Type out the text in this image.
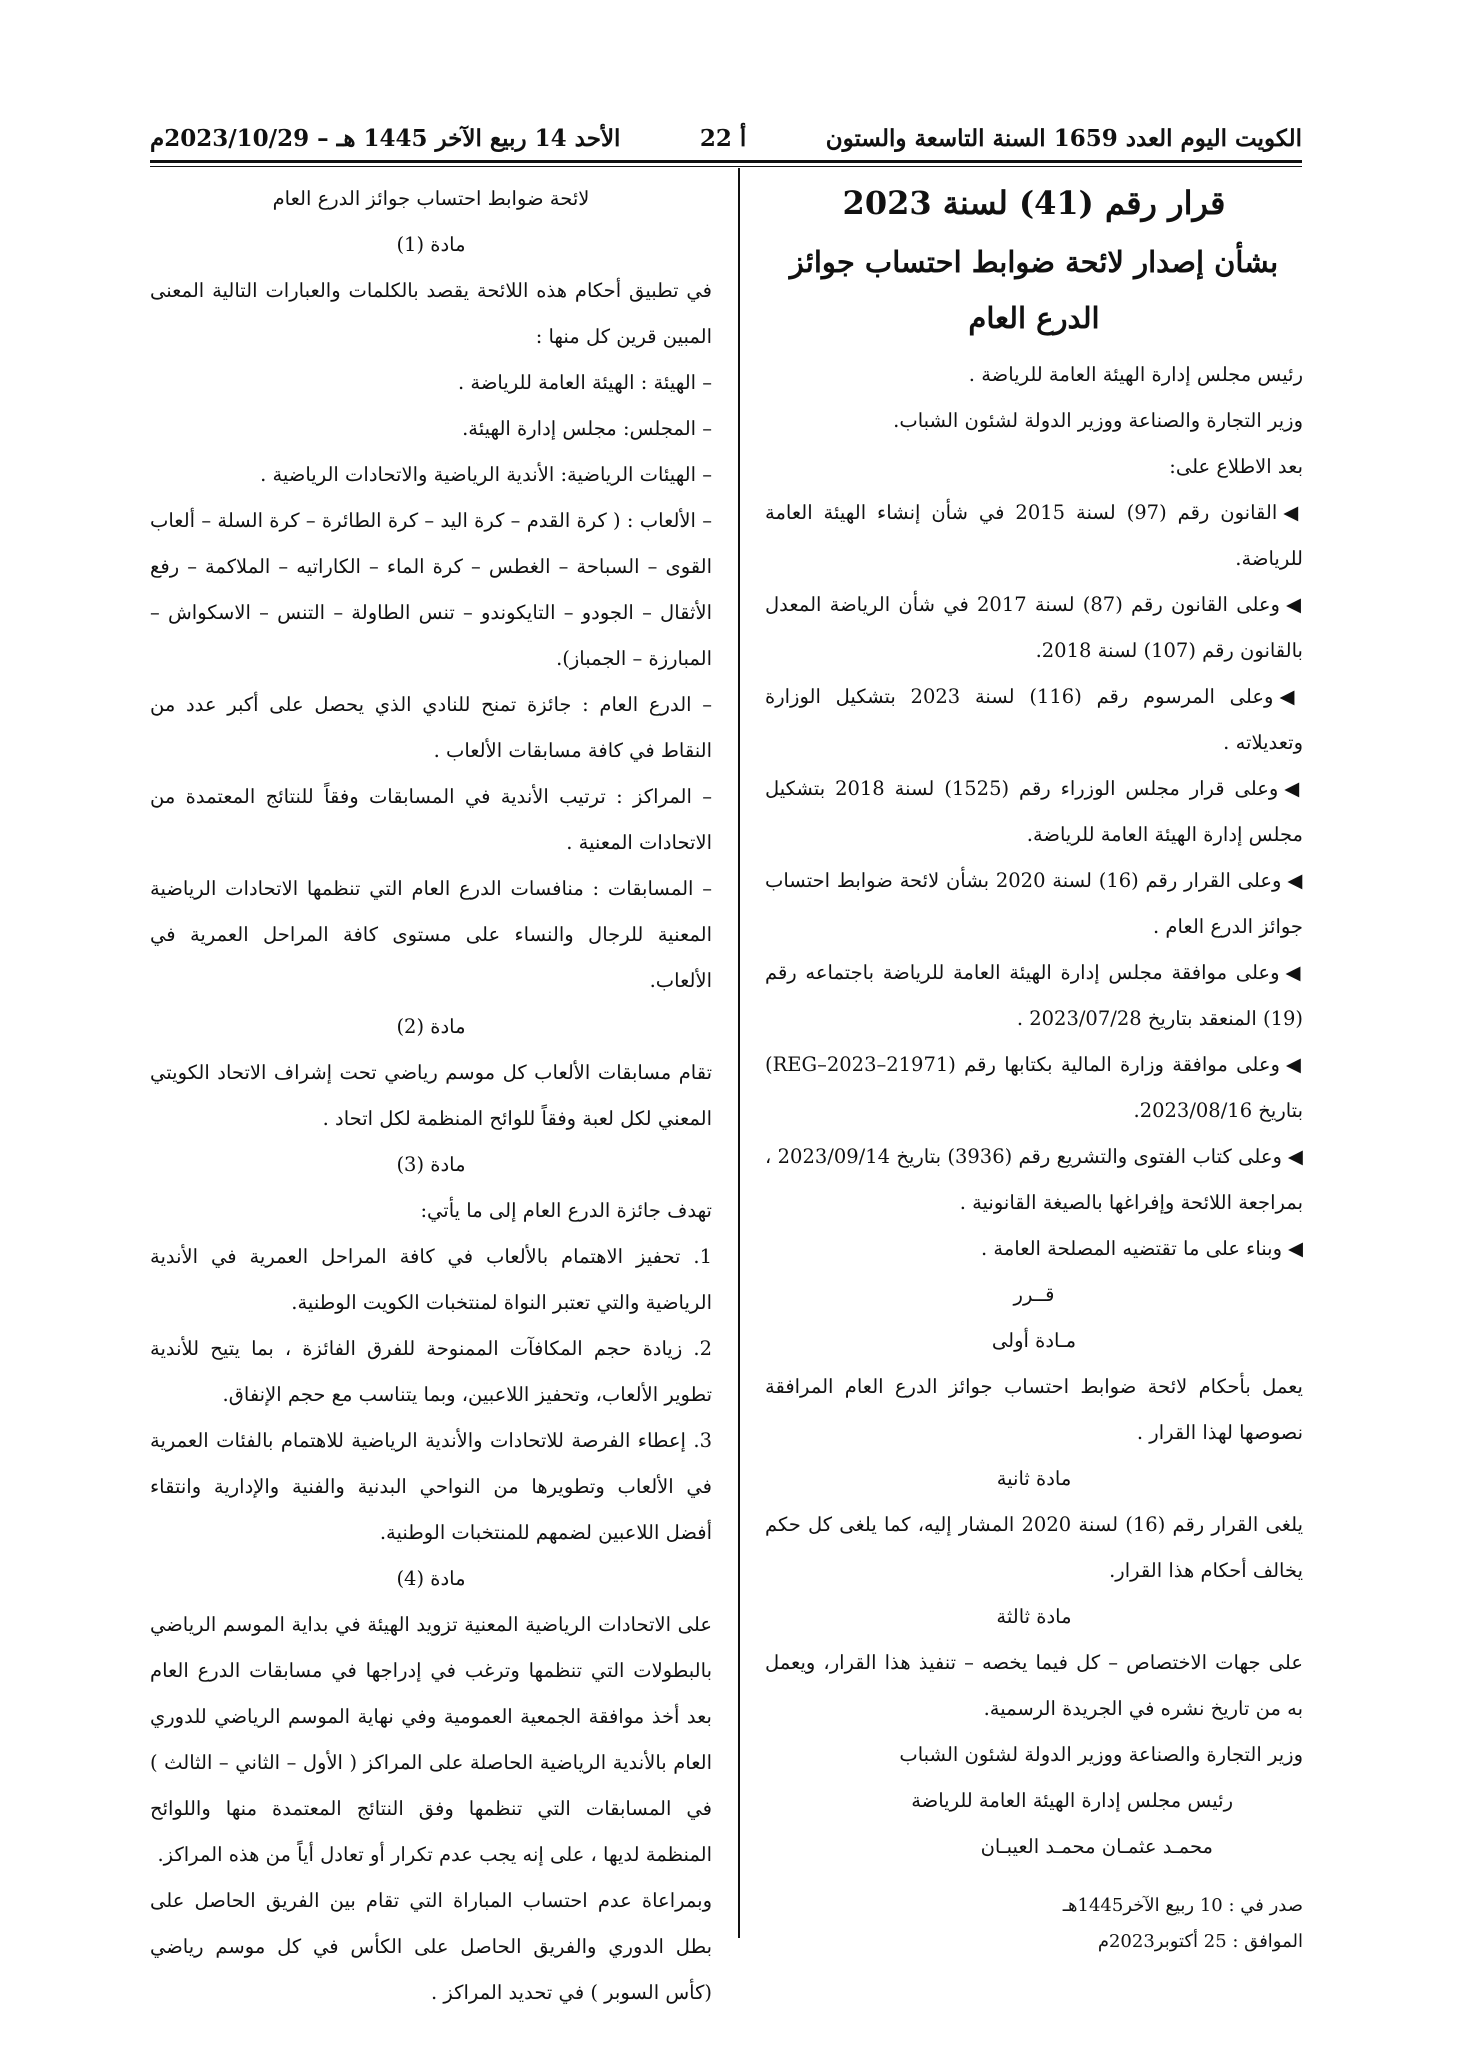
الكويت اليوم العدد 1659 السنة التاسعة والستون
أ 22
الأحد 14 ربيع الآخر 1445 هـ – 2023/10/29م

قرار رقم (41) لسنة 2023

بشأن إصدار لائحة ضوابط احتساب جوائز الدرع العام

رئيس مجلس إدارة الهيئة العامة للرياضة .

وزير التجارة والصناعة ووزير الدولة لشئون الشباب.

بعد الاطلاع على:

◀القانون رقم (97) لسنة 2015 في شأن إنشاء الهيئة العامة للرياضة.

◀وعلى القانون رقم (87) لسنة 2017 في شأن الرياضة المعدل بالقانون رقم (107) لسنة 2018.

◀وعلى المرسوم رقم (116) لسنة 2023 بتشكيل الوزارة وتعديلاته .

◀وعلى قرار مجلس الوزراء رقم (1525) لسنة 2018 بتشكيل مجلس إدارة الهيئة العامة للرياضة.

◀وعلى القرار رقم (16) لسنة 2020 بشأن لائحة ضوابط احتساب جوائز الدرع العام .

◀وعلى موافقة مجلس إدارة الهيئة العامة للرياضة باجتماعه رقم (19) المنعقد بتاريخ 2023/07/28 .

◀وعلى موافقة وزارة المالية بكتابها رقم (REG–2023–21971) بتاريخ 2023/08/16.

◀وعلى كتاب الفتوى والتشريع رقم (3936) بتاريخ 2023/09/14 ، بمراجعة اللائحة وإفراغها بالصيغة القانونية .

◀وبناء على ما تقتضيه المصلحة العامة .

قــرر

مـادة أولى

يعمل بأحكام لائحة ضوابط احتساب جوائز الدرع العام المرافقة نصوصها لهذا القرار .

مادة ثانية

يلغى القرار رقم (16) لسنة 2020 المشار إليه، كما يلغى كل حكم يخالف أحكام هذا القرار.

مادة ثالثة

على جهات الاختصاص – كل فيما يخصه – تنفيذ هذا القرار، ويعمل به من تاريخ نشره في الجريدة الرسمية.

وزير التجارة والصناعة ووزير الدولة لشئون الشباب

رئيس مجلس إدارة الهيئة العامة للرياضة

محمـد عثمـان محمـد العيبـان

صدر في : 10 ربيع الآخر1445هـ

الموافق : 25 أكتوبر2023م

لائحة ضوابط احتساب جوائز الدرع العام

مادة (1)

في تطبيق أحكام هذه اللائحة يقصد بالكلمات والعبارات التالية المعنى المبين قرين كل منها :

– الهيئة : الهيئة العامة للرياضة .

– المجلس: مجلس إدارة الهيئة.

– الهيئات الرياضية: الأندية الرياضية والاتحادات الرياضية .

– الألعاب : ( كرة القدم – كرة اليد – كرة الطائرة – كرة السلة – ألعاب القوى – السباحة – الغطس – كرة الماء – الكاراتيه – الملاكمة – رفع الأثقال – الجودو – التايكوندو – تنس الطاولة – التنس – الاسكواش – المبارزة – الجمباز).

– الدرع العام : جائزة تمنح للنادي الذي يحصل على أكبر عدد من النقاط في كافة مسابقات الألعاب .

– المراكز : ترتيب الأندية في المسابقات وفقاً للنتائج المعتمدة من الاتحادات المعنية .

– المسابقات : منافسات الدرع العام التي تنظمها الاتحادات الرياضية المعنية للرجال والنساء على مستوى كافة المراحل العمرية في الألعاب.

مادة (2)

تقام مسابقات الألعاب كل موسم رياضي تحت إشراف الاتحاد الكويتي المعني لكل لعبة وفقاً للوائح المنظمة لكل اتحاد .

مادة (3)

تهدف جائزة الدرع العام إلى ما يأتي:

1. تحفيز الاهتمام بالألعاب في كافة المراحل العمرية في الأندية الرياضية والتي تعتبر النواة لمنتخبات الكويت الوطنية.

2. زيادة حجم المكافآت الممنوحة للفرق الفائزة ، بما يتيح للأندية تطوير الألعاب، وتحفيز اللاعبين، وبما يتناسب مع حجم الإنفاق.

3. إعطاء الفرصة للاتحادات والأندية الرياضية للاهتمام بالفئات العمرية في الألعاب وتطويرها من النواحي البدنية والفنية والإدارية وانتقاء أفضل اللاعبين لضمهم للمنتخبات الوطنية.

مادة (4)

على الاتحادات الرياضية المعنية تزويد الهيئة في بداية الموسم الرياضي بالبطولات التي تنظمها وترغب في إدراجها في مسابقات الدرع العام بعد أخذ موافقة الجمعية العمومية وفي نهاية الموسم الرياضي للدوري العام بالأندية الرياضية الحاصلة على المراكز ( الأول – الثاني – الثالث ) في المسابقات التي تنظمها وفق النتائج المعتمدة منها واللوائح المنظمة لديها ، على إنه يجب عدم تكرار أو تعادل أياً من هذه المراكز.

وبمراعاة عدم احتساب المباراة التي تقام بين الفريق الحاصل على بطل الدوري والفريق الحاصل على الكأس في كل موسم رياضي (كأس السوبر ) في تحديد المراكز .
